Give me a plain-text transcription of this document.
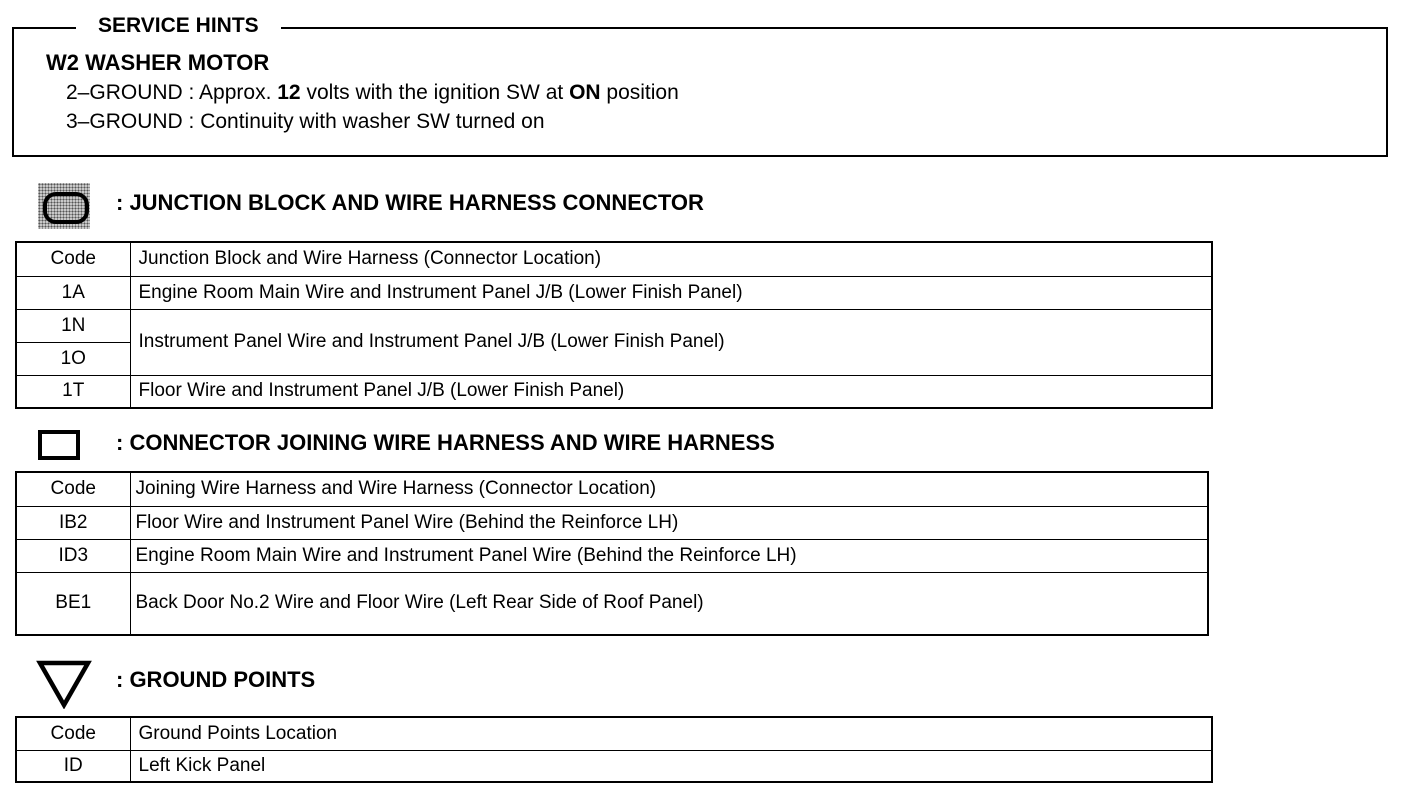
SERVICE HINTS
W2 WASHER MOTOR
2–GROUND : Approx. 12 volts with the ignition SW at ON position
3–GROUND : Continuity with washer SW turned on
: JUNCTION BLOCK AND WIRE HARNESS CONNECTOR
Code	Junction Block and Wire Harness (Connector Location)
1A	Engine Room Main Wire and Instrument Panel J/B (Lower Finish Panel)
1N	Instrument Panel Wire and Instrument Panel J/B (Lower Finish Panel)
1O	
1T	Floor Wire and Instrument Panel J/B (Lower Finish Panel)
: CONNECTOR JOINING WIRE HARNESS AND WIRE HARNESS
Code	Joining Wire Harness and Wire Harness (Connector Location)
IB2	Floor Wire and Instrument Panel Wire (Behind the Reinforce LH)
ID3	Engine Room Main Wire and Instrument Panel Wire (Behind the Reinforce LH)
BE1	Back Door No.2 Wire and Floor Wire (Left Rear Side of Roof Panel)
: GROUND POINTS
Code	Ground Points Location
ID	Left Kick Panel
